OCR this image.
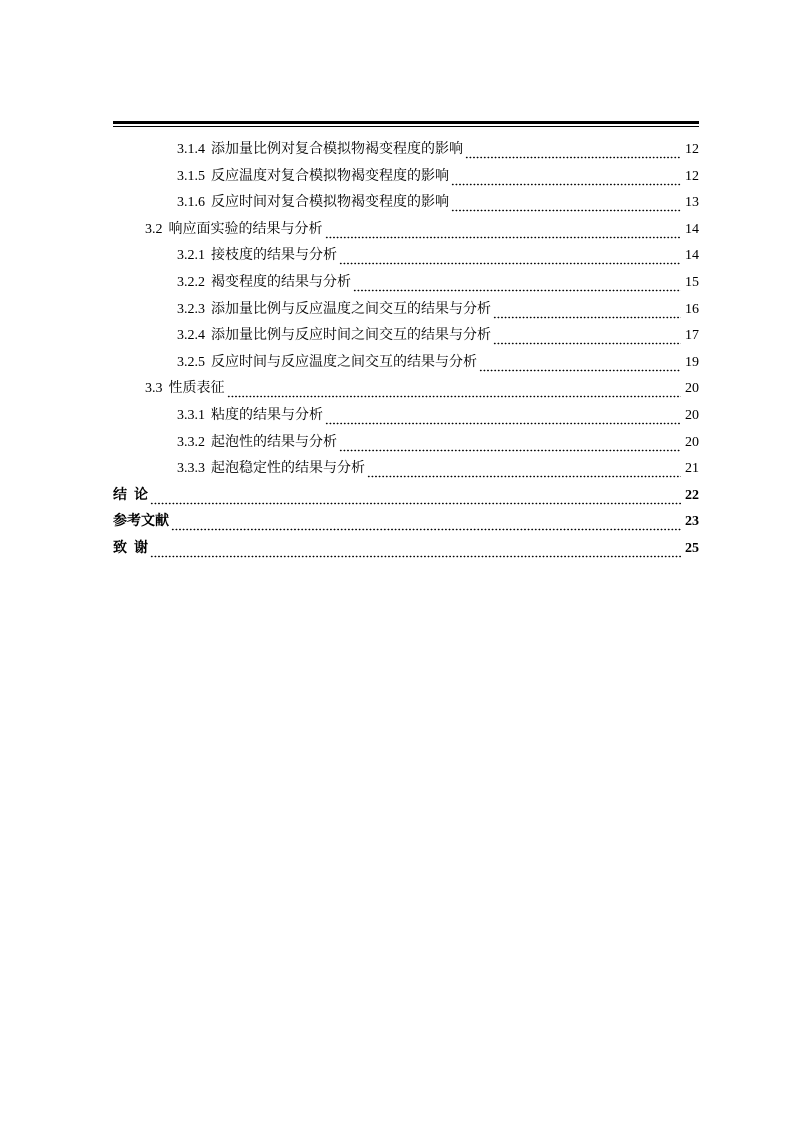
3.1.4 添加量比例对复合模拟物褐变程度的影响	12
3.1.5 反应温度对复合模拟物褐变程度的影响	12
3.1.6 反应时间对复合模拟物褐变程度的影响	13
3.2 响应面实验的结果与分析	14
3.2.1 接枝度的结果与分析	14
3.2.2 褐变程度的结果与分析	15
3.2.3 添加量比例与反应温度之间交互的结果与分析	16
3.2.4 添加量比例与反应时间之间交互的结果与分析	17
3.2.5 反应时间与反应温度之间交互的结果与分析	19
3.3 性质表征	20
3.3.1 粘度的结果与分析	20
3.3.2 起泡性的结果与分析	20
3.3.3 起泡稳定性的结果与分析	21
结  论	22
参考文献	23
致  谢	25
